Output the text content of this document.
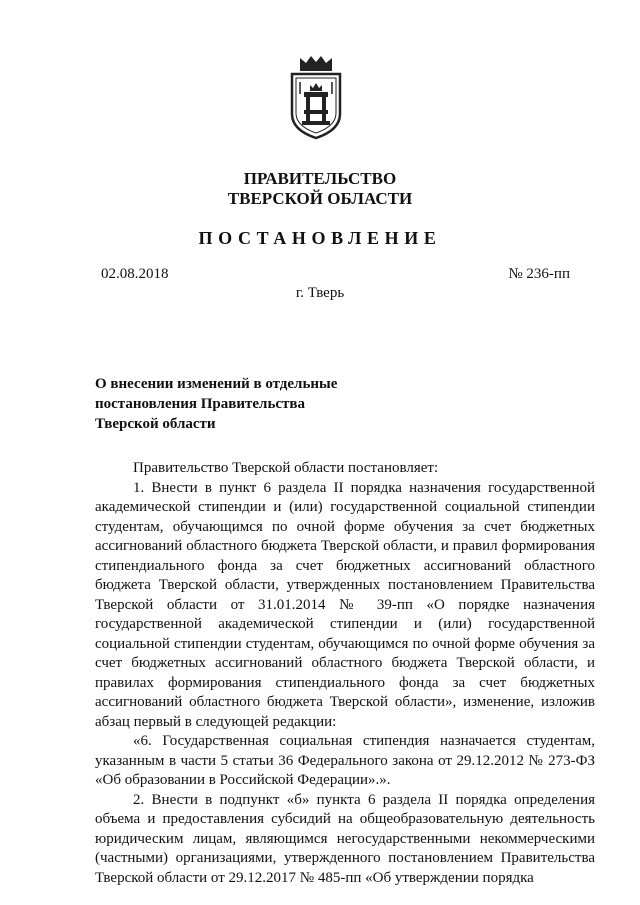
ПРАВИТЕЛЬСТВО
ТВЕРСКОЙ ОБЛАСТИ
ПОСТАНОВЛЕНИЕ
02.08.2018	№ 236-пп
г. Тверь
О внесении изменений в отдельные
постановления Правительства
Тверской области

Правительство Тверской области постановляет:

1. Внести в пункт 6 раздела II порядка назначения государственной академической стипендии и (или) государственной социальной стипендии студентам, обучающимся по очной форме обучения за счет бюджетных ассигнований областного бюджета Тверской области, и правил формирования стипендиального фонда за счет бюджетных ассигнований областного бюджета Тверской области, утвержденных постановлением Правительства Тверской области от 31.01.2014 № 39-пп «О порядке назначения государственной академической стипендии и (или) государственной социальной стипендии студентам, обучающимся по очной форме обучения за счет бюджетных ассигнований областного бюджета Тверской области, и правилах формирования стипендиального фонда за счет бюджетных ассигнований областного бюджета Тверской области», изменение, изложив абзац первый в следующей редакции:

«6. Государственная социальная стипендия назначается студентам, указанным в части 5 статьи 36 Федерального закона от 29.12.2012 № 273-ФЗ «Об образовании в Российской Федерации».».

2. Внести в подпункт «б» пункта 6 раздела II порядка определения объема и предоставления субсидий на общеобразовательную деятельность юридическим лицам, являющимся негосударственными некоммерческими (частными) организациями, утвержденного постановлением Правительства Тверской области от 29.12.2017 № 485-пп «Об утверждении порядка
